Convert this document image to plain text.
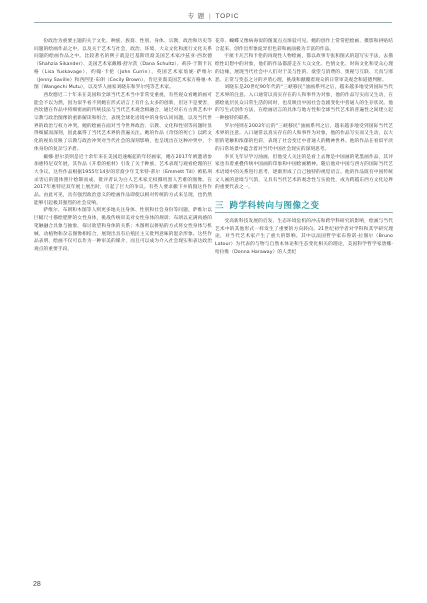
专 题 | TOPIC

份政治为重要主题的关于文化、种族、族裔、性别、身体、宗教、政治和历史等问题的绘画作品之中，以及关于艺术与社会、政治、环境、大众文化和流行文化关系问题的绘画作品之中。比较著名的例子就是巴基斯坦裔美国艺术家沙兹亚·西坎德（Shahzia Sikander）、美国艺术家戴娜·舒尔茨（Dana Schultz）、莉莎·于斯卡瓦格（Lisa Yuskavage）、约翰·卡伦（John Currin）、英国艺术家詹妮·萨维尔（Jenny Saville）和西西里·布朗（Cecily Brown）、肯尼亚裔美国艺术家万格驰·木图（Wangechi Mutu），以及华人画家刘晓东和罗尔纯等艺术家。

西坎德近二十年来在美国和全球当代艺术当中非常受重视，有些观众看她的画可能会不以为然，因为似乎看不到她在形式语言上有什么太多的创新，但这不是要害，西坎德在作品中将细密画的传统技法与当代艺术观念相融合，通过对东方古典艺术中宗教与政治图像的重新解读和组合，表现全球化语境中的身份认同问题，以及当代世界的政治与权力冲突。她的绘画在面对当今世界政治、宗教、文化和性别等问题时显得细腻而深刻，因此赢得了当代艺术界的普遍关注。她的作品《奇怪的死亡》以跨文化的视角反映了宗教与政治冲突对当代社会的深刻影响，也呈现出在这种冲突中，个体身份的复杂与矛盾。

戴娜·舒尔茨则是近十余年来在美国迅速崛起的年轻画家，她在2017年被邀请参加惠特尼双年展，其作品《开着的棺材》引发了关于种族、艺术表现与观看伦理的巨大争议。这件作品根据1955年14岁的非裔少年艾米特·蒂尔（Emmett Till）被私刑杀害后的遗体照片绘制而成，批评者认为白人艺术家无权挪用黑人苦难的图像。在2017年惠特尼双年展上展出时，引起了巨大的争议。有些人要求撤下并销毁这件作品。由此可见，具有强烈政治意义的绘画作品即使以相对传统的方式来呈现，也仍然能够引起极其强烈的社会反响。

萨维尔、布朗和木图等人则更多地关注身体、性别和社会身份等问题。萨维尔以巨幅尺寸描绘肥胖的女性身体，挑战传统审美对女性身体的规训；布朗以充满肉感的笔触融合具象与抽象，探讨欲望和身体的关系；木图则以拼贴的方式将女性身体与机械、动植物和杂志图像相结合，展现出具有后殖民主义批判意味的混杂形象。这些作品表明，绘画不仅可以作为一种审美的媒介，而且可以成为介入社会现实和表达政治观点的重要手段。

花草、蝴蝶又像病毒似的图案点点斑驳可见。她的创作上常常把绘画、摄影和拼贴结合起来，创作出形象诡异但色彩和画面极为丰富的作品。

宇航卡瓦吉和卡伦的再现性人物绘画，都以故事专张和图式的超写实手法，去描绘性幻想中的对象，他们的作品都游走在大众文化、色情文化、时尚文化和受众心理的边缘，展现当代社会中人们对于美与性的、欲望与消费的、奥秘与互联、天真与邪恶、正常与变态之分的矛盾心理，挑战和颠覆着观众的日常审美观念和道德判断。

刘晓东是20世纪90年代的“三峡移民”油画系列之后，越来越多地受到国际当代艺术界的注意。入口通常以真实存在的人和事件为对象，他的作品写实而又生动，在描绘底层民众日常生活的同时，也反映出中国社会急剧变化中普通人的生存状况。他的写生式创作方法，在绘画语言的具体与地方性和全球当代艺术的普遍性之间建立起一种独特的联系。

罗尔纯则在2003年后的“三峡移民”油画系列之后，越来越多地受到国际当代艺术界的注意。入口通常以真实存在的人和事件为对象，他的作品写实而又生动，以大胆的笔触和浓郁的色彩，表现了社会变迁中普通人的精神世界。他的作品在看似平淡的日常场景中蕴含着对当代中国社会现实的深刻思考。

李贝飞年早学习油画，但他受人关注的是看上去像是中国画的笔墨画作品，其评家也有着重叠传统中国画的印象和中国绘画精神。随后他对中国与西方的国际当代艺术语境中的关系进行思考，逐渐形成了自己独特的视觉语言。他的作品既有中国传统文人画的意境与气韵，又具有当代艺术的观念性与实验性，成为跨越东西方文化边界的重要代表之一。

三 跨学科转向与图像之变

受高新科技发展的启发，生态环境危机的冲击和跨学科研究的影响，绘画与当代艺术中的其他形式一样发生了重要的方向转向。21世纪初学者对学科和其学研究理论，对当代艺术家产生了重大的影响。其中以法国哲学家布鲁诺·拉图尔（Bruno Latour）为代表的与物与自然本体论和生态变化相关的理论，美国科学哲学家唐娜·哈拉维（Donna Haraway）的人类纪

28
